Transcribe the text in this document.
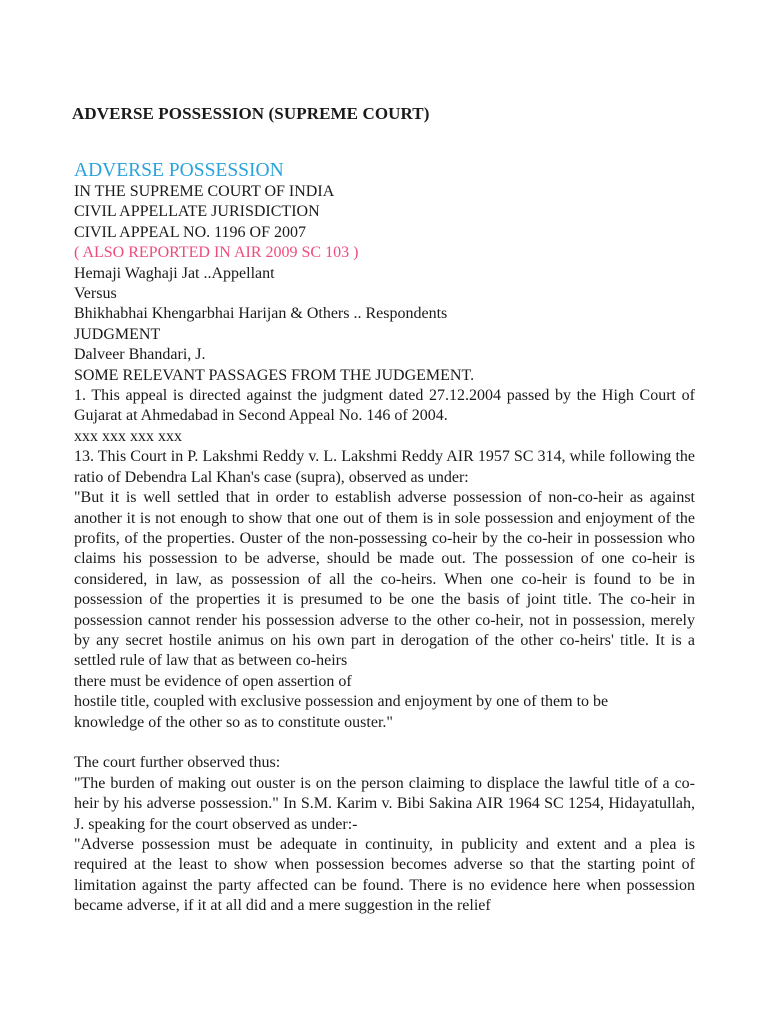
ADVERSE POSSESSION (SUPREME COURT)
ADVERSE POSSESSION
IN THE SUPREME COURT OF INDIA
CIVIL APPELLATE JURISDICTION
CIVIL APPEAL NO. 1196 OF 2007
( ALSO REPORTED IN AIR 2009 SC 103 )
Hemaji Waghaji Jat ..Appellant
Versus
Bhikhabhai Khengarbhai Harijan & Others .. Respondents
JUDGMENT
Dalveer Bhandari, J.
SOME RELEVANT PASSAGES FROM THE JUDGEMENT.
1. This appeal is directed against the judgment dated 27.12.2004 passed by the High Court of Gujarat at Ahmedabad in Second Appeal No. 146 of 2004.
xxx xxx xxx xxx
13. This Court in P. Lakshmi Reddy v. L. Lakshmi Reddy AIR 1957 SC 314, while following the ratio of Debendra Lal Khan's case (supra), observed as under:
"But it is well settled that in order to establish adverse possession of non-co-heir as against another it is not enough to show that one out of them is in sole possession and enjoyment of the profits, of the properties. Ouster of the non-possessing co-heir by the co-heir in possession who claims his possession to be adverse, should be made out. The possession of one co-heir is considered, in law, as possession of all the co-heirs. When one co-heir is found to be in possession of the properties it is presumed to be one the basis of joint title. The co-heir in possession cannot render his possession adverse to the other co-heir, not in possession, merely by any secret hostile animus on his own part in derogation of the other co-heirs' title. It is a settled rule of law that as between co-heirs
there must be evidence of open assertion of
hostile title, coupled with exclusive possession and enjoyment by one of them to be
knowledge of the other so as to constitute ouster."
The court further observed thus:
"The burden of making out ouster is on the person claiming to displace the lawful title of a co-heir by his adverse possession." In S.M. Karim v. Bibi Sakina AIR 1964 SC 1254, Hidayatullah, J. speaking for the court observed as under:-
"Adverse possession must be adequate in continuity, in publicity and extent and a plea is required at the least to show when possession becomes adverse so that the starting point of limitation against the party affected can be found. There is no evidence here when possession became adverse, if it at all did and a mere suggestion in the relief
